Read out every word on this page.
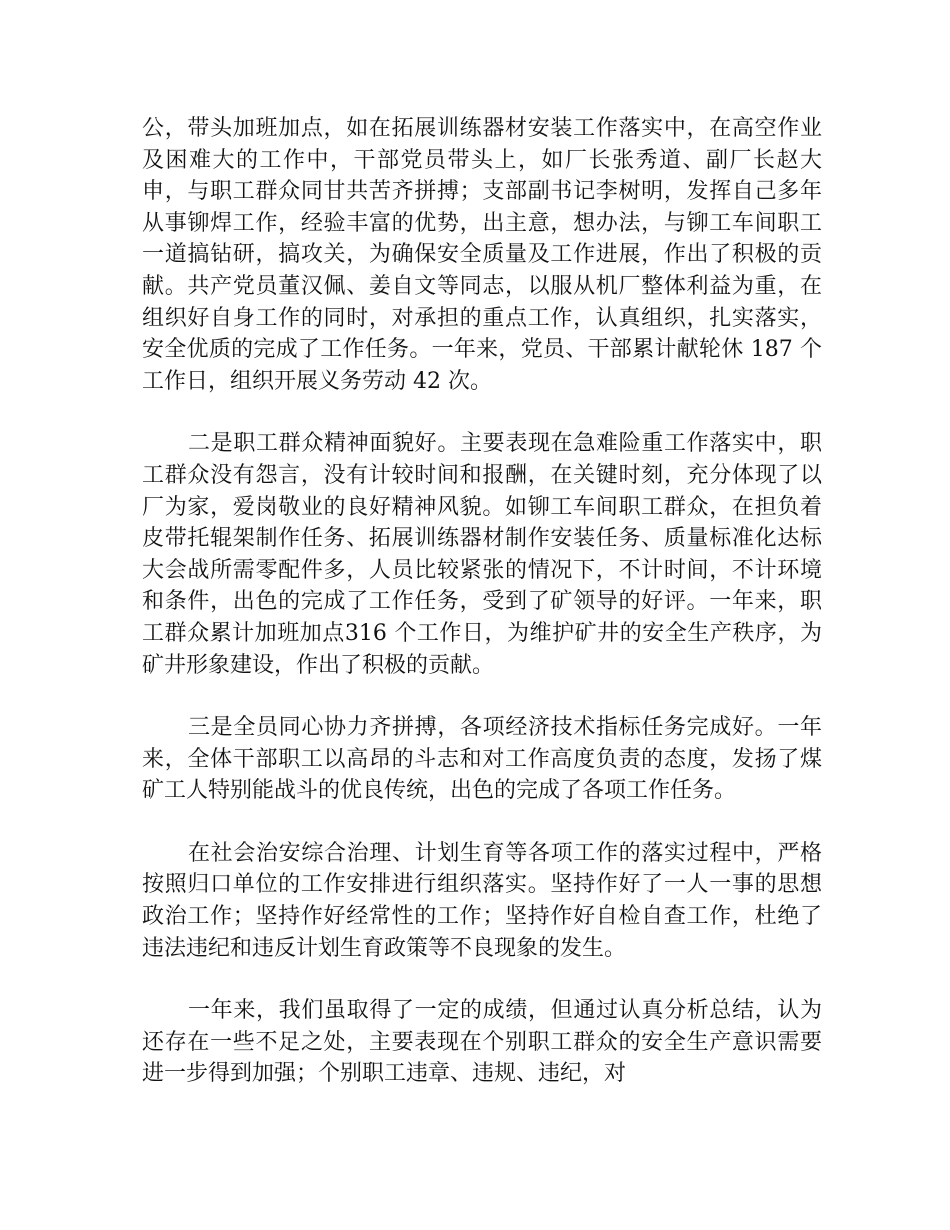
公，带头加班加点，如在拓展训练器材安装工作落实中，在高空作业及困难大的工作中，干部党员带头上，如厂长张秀道、副厂长赵大申，与职工群众同甘共苦齐拼搏；支部副书记李树明，发挥自己多年从事铆焊工作，经验丰富的优势，出主意，想办法，与铆工车间职工一道搞钻研，搞攻关，为确保安全质量及工作进展，作出了积极的贡献。共产党员董汉佩、姜自文等同志，以服从机厂整体利益为重，在组织好自身工作的同时，对承担的重点工作，认真组织，扎实落实，安全优质的完成了工作任务。一年来，党员、干部累计献轮休 187 个工作日，组织开展义务劳动 42 次。

二是职工群众精神面貌好。主要表现在急难险重工作落实中，职工群众没有怨言，没有计较时间和报酬，在关键时刻，充分体现了以厂为家，爱岗敬业的良好精神风貌。如铆工车间职工群众，在担负着皮带托辊架制作任务、拓展训练器材制作安装任务、质量标准化达标大会战所需零配件多，人员比较紧张的情况下，不计时间，不计环境和条件，出色的完成了工作任务，受到了矿领导的好评。一年来，职工群众累计加班加点316 个工作日，为维护矿井的安全生产秩序，为矿井形象建设，作出了积极的贡献。

三是全员同心协力齐拼搏，各项经济技术指标任务完成好。一年来，全体干部职工以高昂的斗志和对工作高度负责的态度，发扬了煤矿工人特别能战斗的优良传统，出色的完成了各项工作任务。

在社会治安综合治理、计划生育等各项工作的落实过程中，严格按照归口单位的工作安排进行组织落实。坚持作好了一人一事的思想政治工作；坚持作好经常性的工作；坚持作好自检自查工作，杜绝了违法违纪和违反计划生育政策等不良现象的发生。

一年来，我们虽取得了一定的成绩，但通过认真分析总结，认为还存在一些不足之处，主要表现在个别职工群众的安全生产意识需要进一步得到加强；个别职工违章、违规、违纪，对
